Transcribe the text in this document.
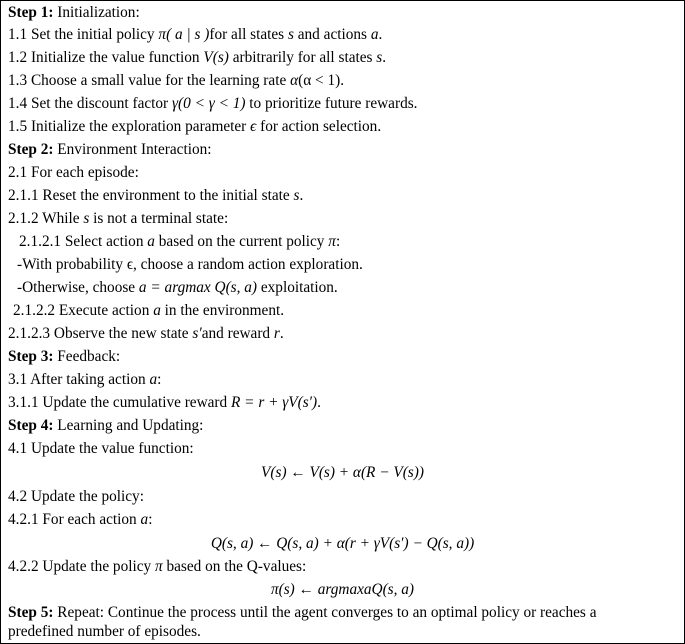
Step 1: Initialization:
1.1 Set the initial policy π( a | s )for all states s and actions a.
1.2 Initialize the value function V(s) arbitrarily for all states s.
1.3 Choose a small value for the learning rate α(α < 1).
1.4 Set the discount factor γ(0 < γ < 1) to prioritize future rewards.
1.5 Initialize the exploration parameter ϵ for action selection.
Step 2: Environment Interaction:
2.1 For each episode:
2.1.1 Reset the environment to the initial state s.
2.1.2 While s is not a terminal state:
2.1.2.1 Select action a based on the current policy π:
-With probability ϵ, choose a random action exploration.
-Otherwise, choose a = argmax Q(s, a) exploitation.
2.1.2.2 Execute action a in the environment.
2.1.2.3 Observe the new state s′and reward r.
Step 3: Feedback:
3.1 After taking action a:
3.1.1 Update the cumulative reward R = r + γV(s′).
Step 4: Learning and Updating:
4.1 Update the value function:
V(s) ← V(s) + α(R − V(s))
4.2 Update the policy:
4.2.1 For each action a:
Q(s, a) ← Q(s, a) + α(r + γV(s′) − Q(s, a))
4.2.2 Update the policy π based on the Q-values:
π(s) ← argmaxaQ(s, a)
Step 5: Repeat: Continue the process until the agent converges to an optimal policy or reaches a
predefined number of episodes.
